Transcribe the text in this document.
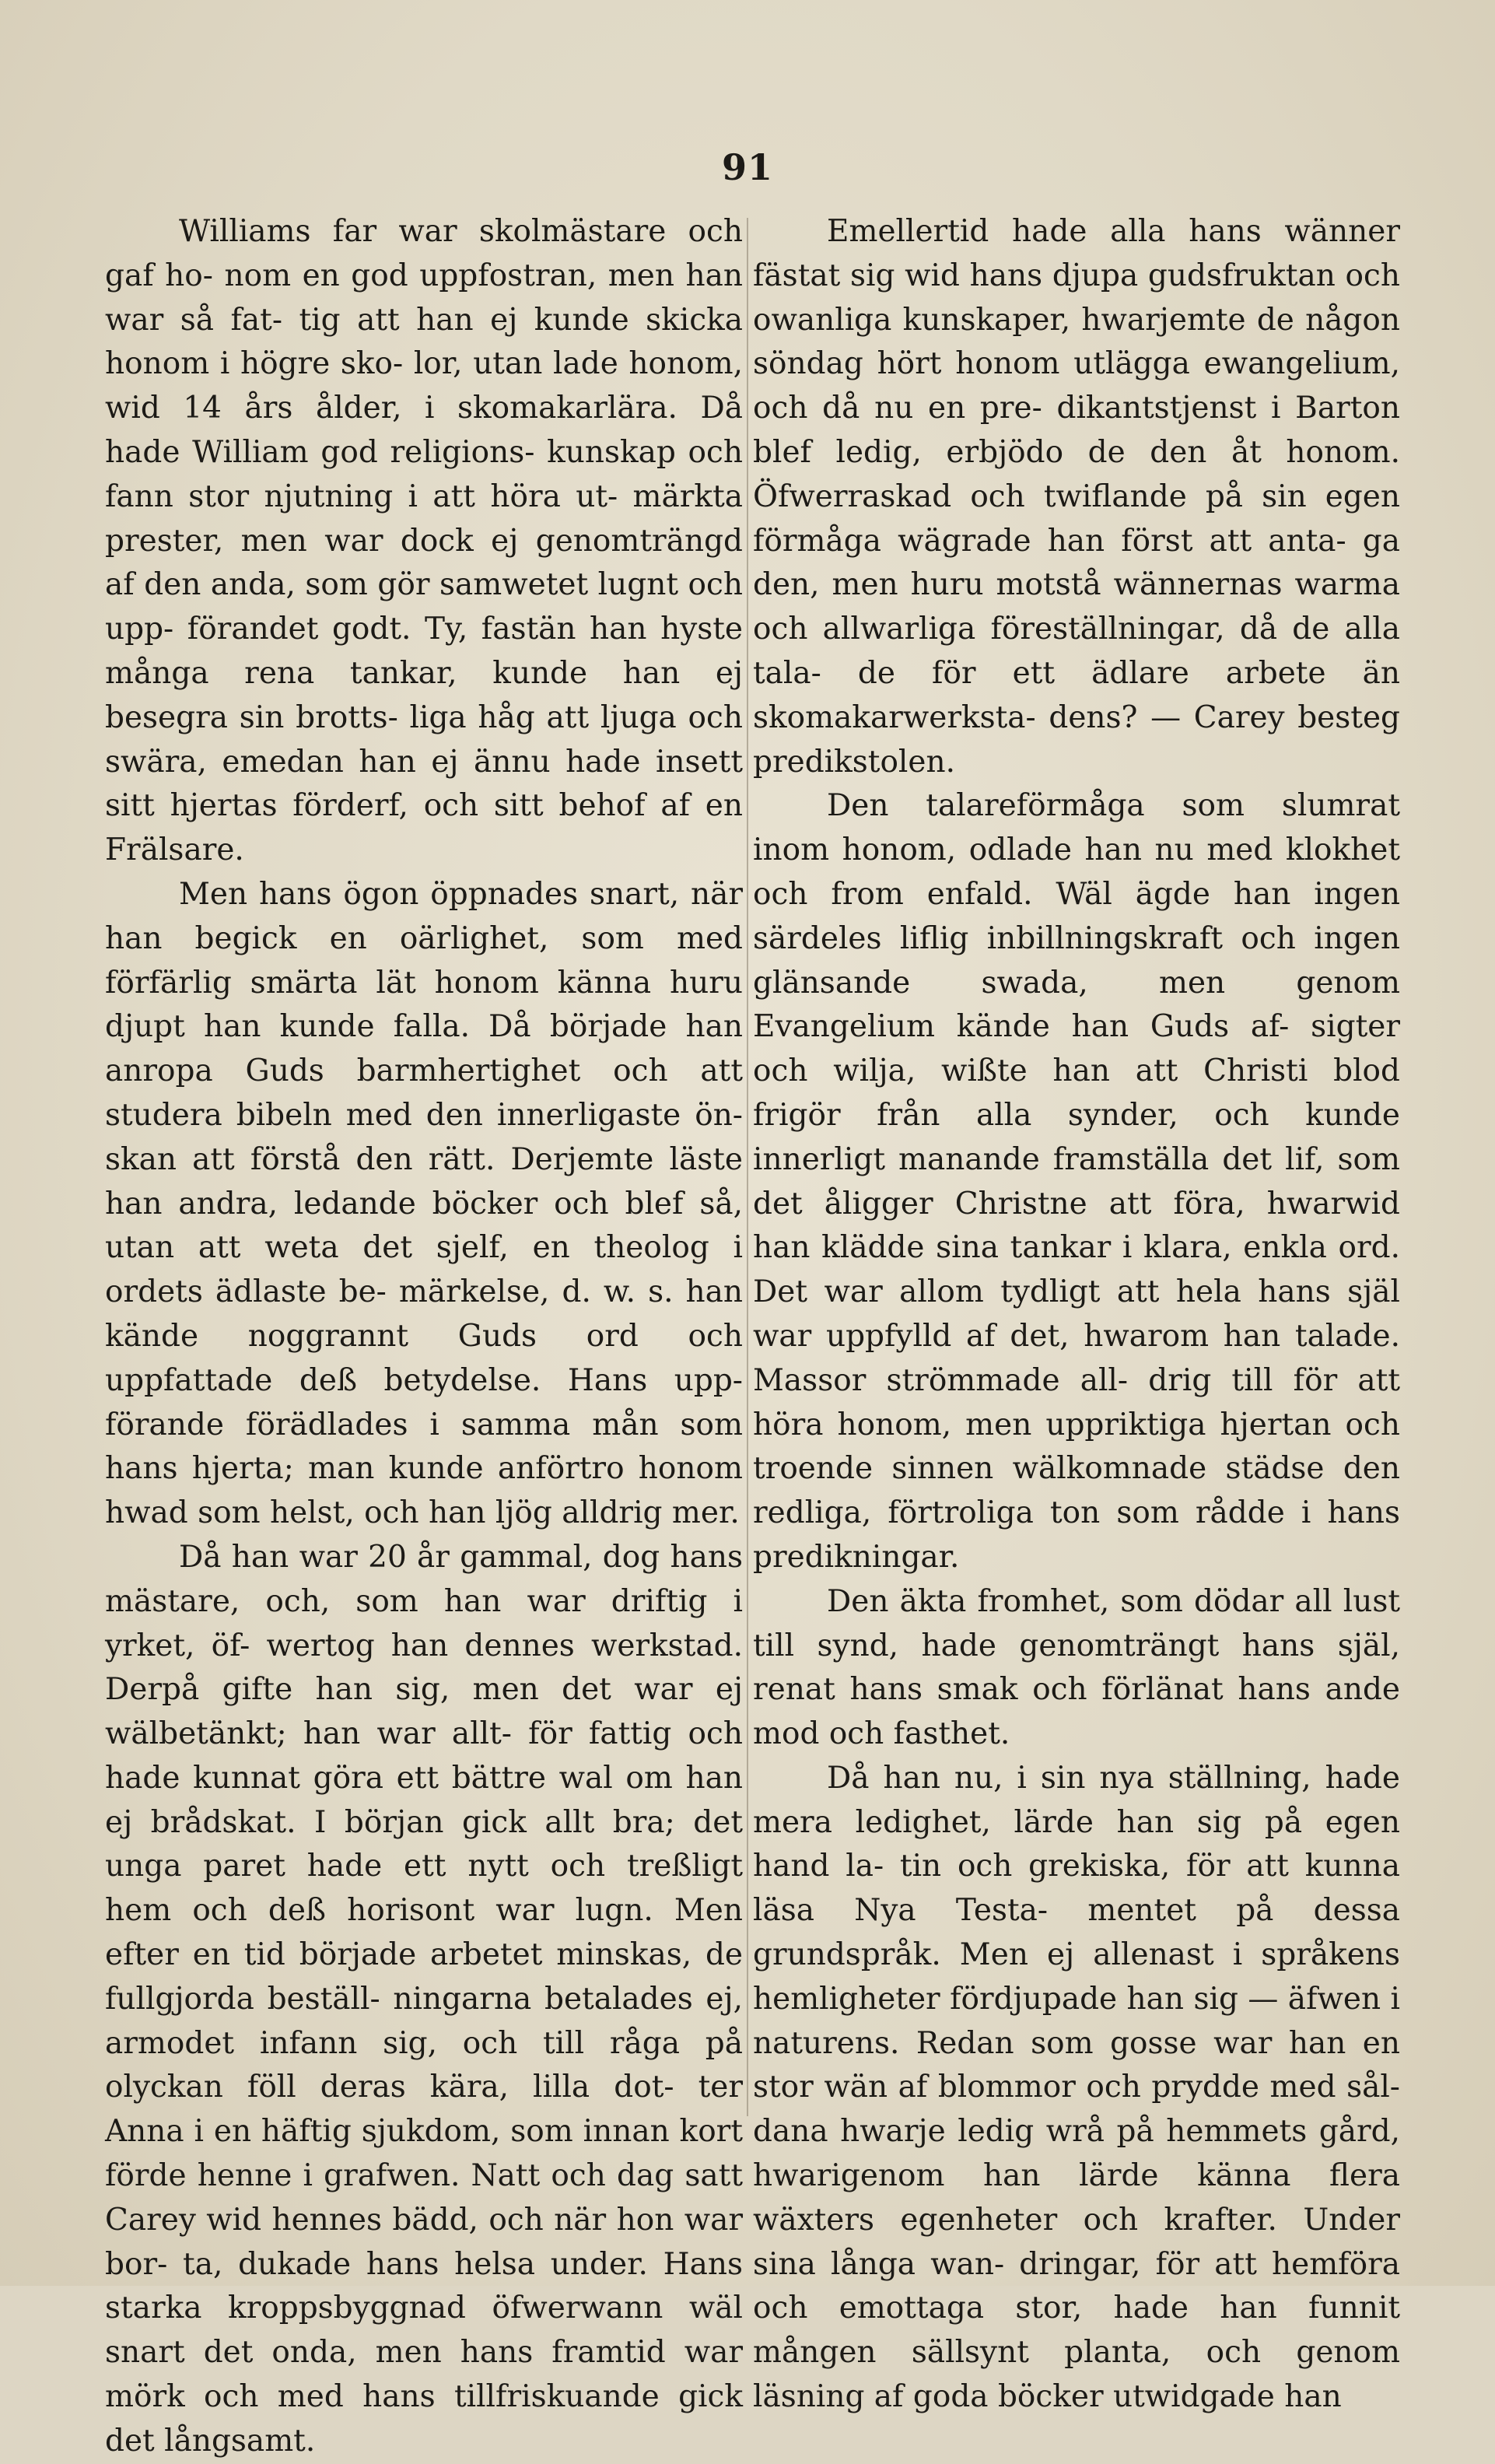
91

Williams far war skolmästare och gaf ho- nom en god uppfostran, men han war så fat- tig att han ej kunde skicka honom i högre sko- lor, utan lade honom, wid 14 års ålder, i skomakarlära. Då hade William god religions- kunskap och fann stor njutning i att höra ut- märkta prester, men war dock ej genomträngd af den anda, som gör samwetet lugnt och upp- förandet godt. Ty, fastän han hyste många rena tankar, kunde han ej besegra sin brotts- liga håg att ljuga och swära, emedan han ej ännu hade insett sitt hjertas förderf, och sitt behof af en Frälsare.

Men hans ögon öppnades snart, när han begick en oärlighet, som med förfärlig smärta lät honom känna huru djupt han kunde falla. Då började han anropa Guds barmhertighet och att studera bibeln med den innerligaste ön- skan att förstå den rätt. Derjemte läste han andra, ledande böcker och blef så, utan att weta det sjelf, en theolog i ordets ädlaste be- märkelse, d. w. s. han kände noggrannt Guds ord och uppfattade deß betydelse. Hans upp- förande förädlades i samma mån som hans hjerta; man kunde anförtro honom hwad som helst, och han ljög alldrig mer.

Då han war 20 år gammal, dog hans mästare, och, som han war driftig i yrket, öf- wertog han dennes werkstad. Derpå gifte han sig, men det war ej wälbetänkt; han war allt- för fattig och hade kunnat göra ett bättre wal om han ej brådskat. I början gick allt bra; det unga paret hade ett nytt och treßligt hem och deß horisont war lugn. Men efter en tid började arbetet minskas, de fullgjorda beställ- ningarna betalades ej, armodet infann sig, och till råga på olyckan föll deras kära, lilla dot- ter Anna i en häftig sjukdom, som innan kort förde henne i grafwen. Natt och dag satt Carey wid hennes bädd, och när hon war bor- ta, dukade hans helsa under. Hans starka kroppsbyggnad öfwerwann wäl snart det onda, men hans framtid war mörk och med hans tillfriskuande gick det långsamt.

Emellertid hade alla hans wänner fästat sig wid hans djupa gudsfruktan och owanliga kunskaper, hwarjemte de någon söndag hört honom utlägga ewangelium, och då nu en pre- dikantstjenst i Barton blef ledig, erbjödo de den åt honom. Öfwerraskad och twiflande på sin egen förmåga wägrade han först att anta- ga den, men huru motstå wännernas warma och allwarliga föreställningar, då de alla tala- de för ett ädlare arbete än skomakarwerksta- dens? — Carey besteg predikstolen.

Den talareförmåga som slumrat inom honom, odlade han nu med klokhet och from enfald. Wäl ägde han ingen särdeles liflig inbillningskraft och ingen glänsande swada, men genom Evangelium kände han Guds af- sigter och wilja, wißte han att Christi blod frigör från alla synder, och kunde innerligt manande framställa det lif, som det åligger Christne att föra, hwarwid han klädde sina tankar i klara, enkla ord. Det war allom tydligt att hela hans själ war uppfylld af det, hwarom han talade. Massor strömmade all- drig till för att höra honom, men uppriktiga hjertan och troende sinnen wälkomnade städse den redliga, förtroliga ton som rådde i hans predikningar.

Den äkta fromhet, som dödar all lust till synd, hade genomträngt hans själ, renat hans smak och förlänat hans ande mod och fasthet.

Då han nu, i sin nya ställning, hade mera ledighet, lärde han sig på egen hand la- tin och grekiska, för att kunna läsa Nya Testa- mentet på dessa grundspråk. Men ej allenast i språkens hemligheter fördjupade han sig — äfwen i naturens. Redan som gosse war han en stor wän af blommor och prydde med sål- dana hwarje ledig wrå på hemmets gård, hwarigenom han lärde känna flera wäxters egenheter och krafter. Under sina långa wan- dringar, för att hemföra och emottaga stor, hade han funnit mången sällsynt planta, och genom läsning af goda böcker utwidgade han
